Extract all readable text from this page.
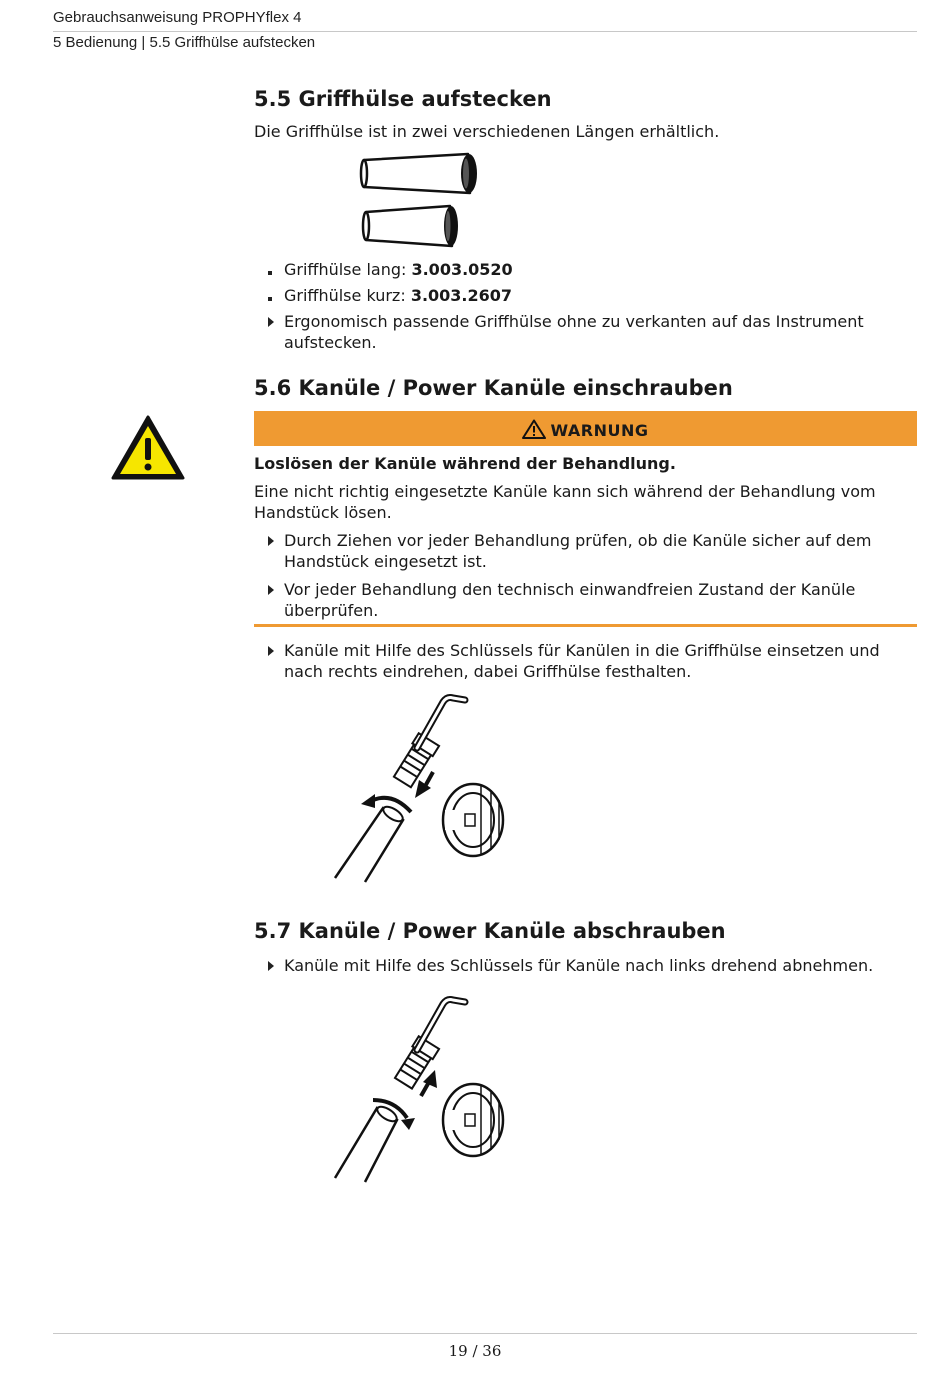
Gebrauchsanweisung PROPHYflex 4
5 Bedienung | 5.5 Griffhülse aufstecken
5.5 Griffhülse aufstecken
Die Griffhülse ist in zwei verschiedenen Längen erhältlich.
Griffhülse lang: 3.003.0520
Griffhülse kurz: 3.003.2607
Ergonomisch passende Griffhülse ohne zu verkanten auf das Instrument aufstecken.
5.6 Kanüle / Power Kanüle einschrauben
WARNUNG
Loslösen der Kanüle während der Behandlung.
Eine nicht richtig eingesetzte Kanüle kann sich während der Behandlung vom Handstück lösen.
Durch Ziehen vor jeder Behandlung prüfen, ob die Kanüle sicher auf dem Handstück eingesetzt ist.
Vor jeder Behandlung den technisch einwandfreien Zustand der Kanüle überprüfen.
Kanüle mit Hilfe des Schlüssels für Kanülen in die Griffhülse einsetzen und nach rechts eindrehen, dabei Griffhülse festhalten.
5.7 Kanüle / Power Kanüle abschrauben
Kanüle mit Hilfe des Schlüssels für Kanüle nach links drehend abnehmen.
19 / 36
